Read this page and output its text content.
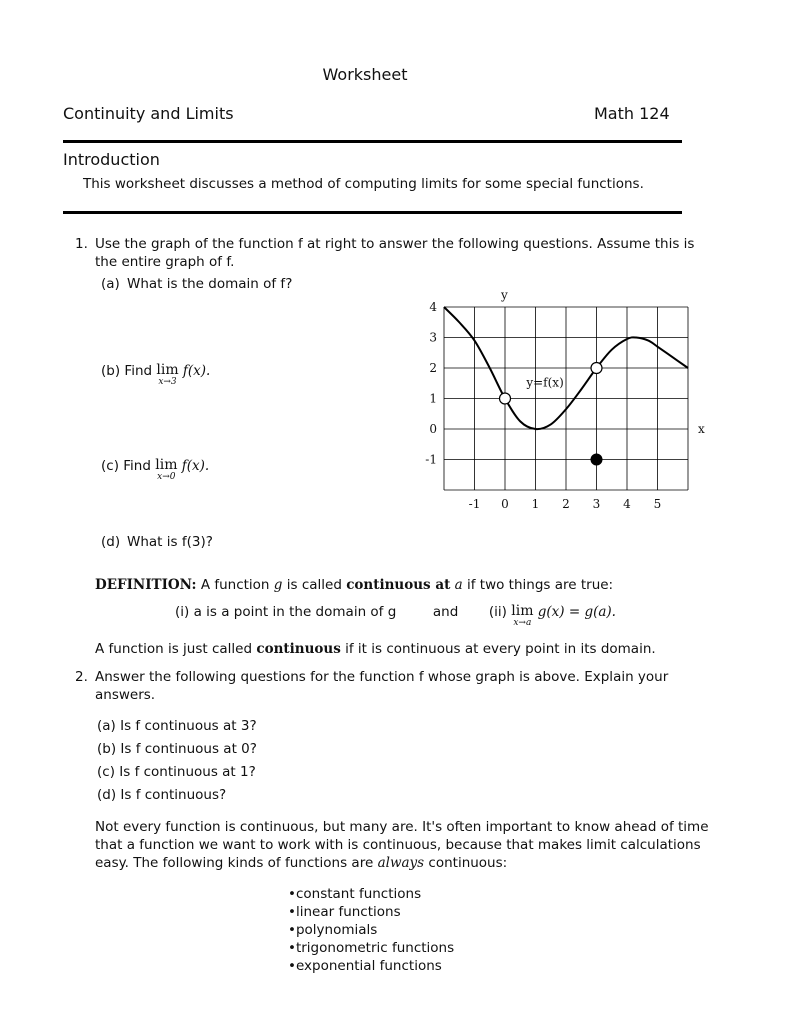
Worksheet
Continuity and Limits	Math 124
Introduction
This worksheet discusses a method of computing limits for some special functions.
1. Use the graph of the function f at right to answer the following questions. Assume this is
the entire graph of f.
(a) What is the domain of f?
(b) Find lim
x→3
f(x).
(c) Find lim
x→0
f(x).
(d) What is f(3)?
-1 0 1 2 3 4 5
4
3
2
1
0
-1
x
y
y=f(x)
DEFINITION: A function g is called continuous at a if two things are true:
(i) a is a point in the domain of g	and (ii) lim
x→a
g(x) = g(a).
A function is just called continuous if it is continuous at every point in its domain.
2. Answer the following questions for the function f whose graph is above. Explain your
answers.
(a) Is f continuous at 3?
(b) Is f continuous at 0?
(c) Is f continuous at 1?
(d) Is f continuous?
Not every function is continuous, but many are. It's often important to know ahead of time
that a function we want to work with is continuous, because that makes limit calculations
easy. The following kinds of functions are always continuous:
•constant functions
•linear functions
•polynomials
•trigonometric functions
•exponential functions
